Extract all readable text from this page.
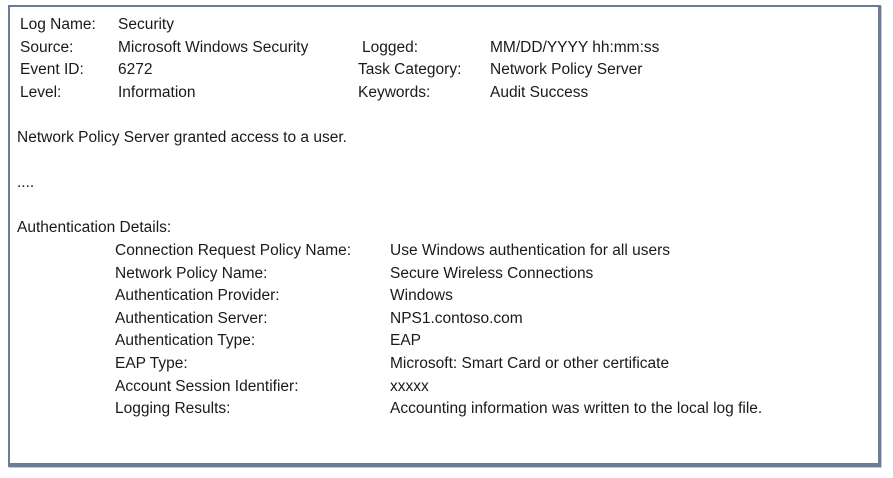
Log Name: Security
Source:	Microsoft Windows Security	Logged:	MM/DD/YYYY hh:mm:ss
Event ID: 6272	Task Category: Network Policy Server
Level:	Information	Keywords:	Audit Success
Network Policy Server granted access to a user.
....
Authentication Details:
Connection Request Policy Name:	Use Windows authentication for all users
Network Policy Name:	Secure Wireless Connections
Authentication Provider:	Windows
Authentication Server:	NPS1.contoso.com
Authentication Type:	EAP
EAP Type:	Microsoft: Smart Card or other certificate
Account Session Identifier:	xxxxx
Logging Results:	Accounting information was written to the local log file.
